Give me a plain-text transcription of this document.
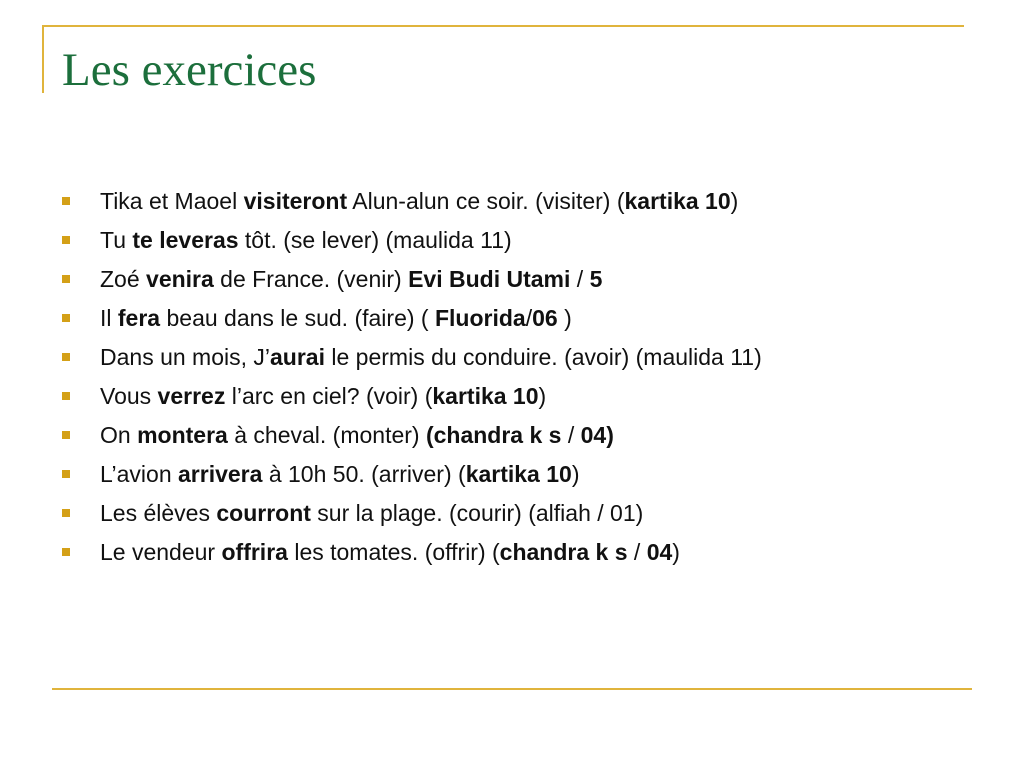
Les exercices
Tika et Maoel visiteront Alun-alun ce soir. (visiter) (kartika 10)
Tu te leveras tôt. (se lever) (maulida 11)
Zoé venira de France. (venir) Evi Budi Utami / 5
Il fera beau dans le sud. (faire) ( Fluorida/06 )
Dans un mois, J’aurai le permis du conduire. (avoir) (maulida 11)
Vous verrez l’arc en ciel? (voir) (kartika 10)
On montera à cheval. (monter) (chandra k s / 04)
L’avion arrivera à 10h 50. (arriver) (kartika 10)
Les élèves courront sur la plage. (courir) (alfiah / 01)
Le vendeur offrira les tomates. (offrir) (chandra k s / 04)
